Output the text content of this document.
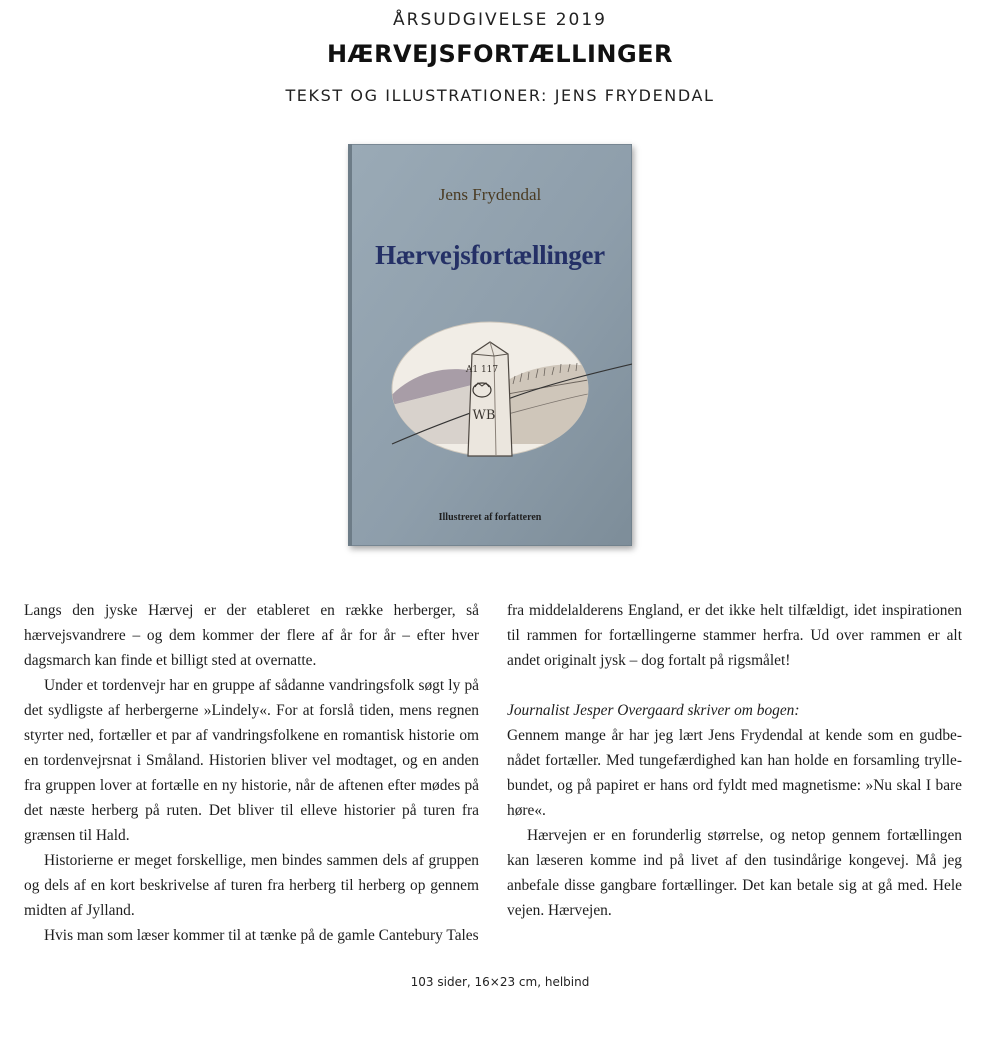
ÅRSUDGIVELSE 2019
HÆRVEJSFORTÆLLINGER
TEKST OG ILLUSTRATIONER: JENS FRYDENDAL
Jens Frydendal
Hærvejsfortællinger
A1 117
WB
Illustreret af forfatteren

Langs den jyske Hærvej er der etableret en række herberger, så hærvejsvandrere – og dem kommer der flere af år for år – efter hver dagsmarch kan finde et billigt sted at overnatte.

Under et tordenvejr har en gruppe af sådanne vandringsfolk søgt ly på det sydligste af herbergerne »Lindely«. For at forslå tiden, mens regnen styrter ned, fortæller et par af vandringsfolkene en romantisk historie om en tordenvejrsnat i Småland. Historien bliver vel modtaget, og en anden fra gruppen lover at fortælle en ny historie, når de aftenen efter mødes på det næste herberg på ruten. Det bliver til elleve historier på turen fra grænsen til Hald.

Historierne er meget forskellige, men bindes sammen dels af gruppen og dels af en kort beskrivelse af turen fra herberg til herberg op gennem midten af Jylland.

Hvis man som læser kommer til at tænke på de gamle Cantebury Tales

fra middelalderens England, er det ikke helt tilfældigt, idet inspirationen til rammen for fortællingerne stammer herfra. Ud over rammen er alt andet originalt jysk – dog fortalt på rigsmålet!

Journalist Jesper Overgaard skriver om bogen:

Gennem mange år har jeg lært Jens Frydendal at kende som en gudbenådet fortæller. Med tungefærdighed kan han holde en forsamling tryllebundet, og på papiret er hans ord fyldt med magnetisme: »Nu skal I bare høre«.

Hærvejen er en forunderlig størrelse, og netop gennem fortællingen kan læseren komme ind på livet af den tusindårige kongevej. Må jeg anbefale disse gangbare fortællinger. Det kan betale sig at gå med. Hele vejen. Hærvejen.

103 sider, 16×23 cm, helbind
